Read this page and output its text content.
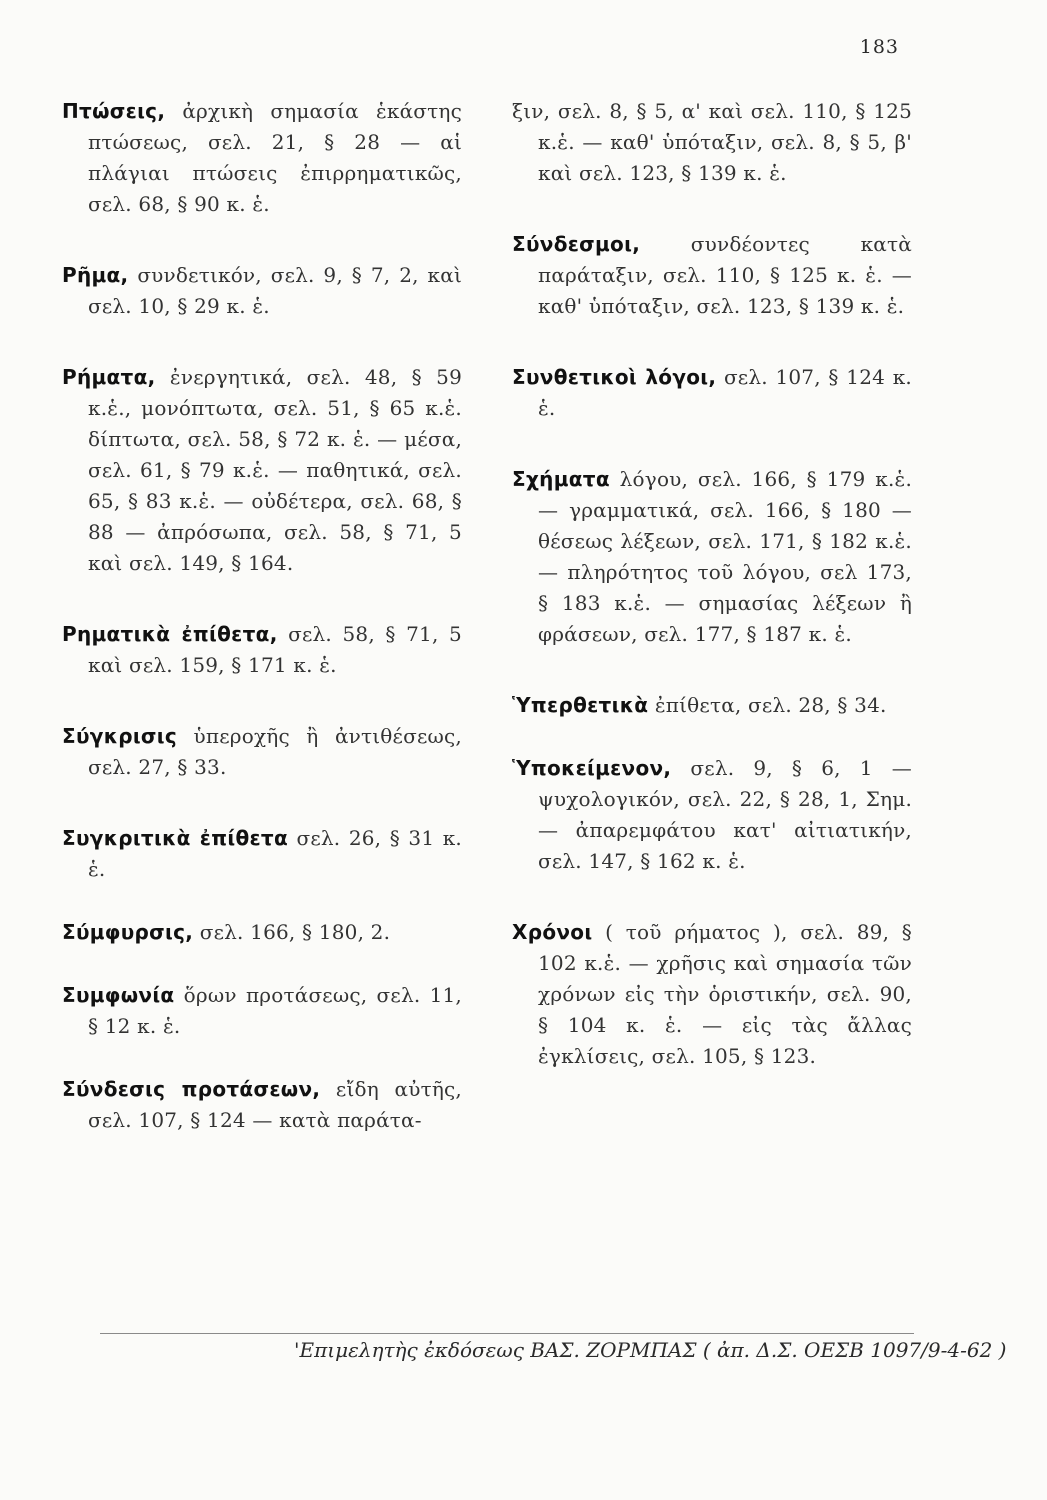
183

Πτώσεις, ἀρχικὴ σημασία ἑκάστης πτώσεως, σελ. 21, § 28 — αἱ πλάγιαι πτώσεις ἐπιρρηματικῶς, σελ. 68, § 90 κ. ἑ.

Ρῆμα, συνδετικόν, σελ. 9, § 7, 2, καὶ σελ. 10, § 29 κ. ἑ.

Ρήματα, ἐνεργητικά, σελ. 48, § 59 κ.ἑ., μονόπτωτα, σελ. 51, § 65 κ.ἑ. δίπτωτα, σελ. 58, § 72 κ. ἑ. — μέσα, σελ. 61, § 79 κ.ἑ. — παθητικά, σελ. 65, § 83 κ.ἑ. — οὐδέτερα, σελ. 68, § 88 — ἀπρόσωπα, σελ. 58, § 71, 5 καὶ σελ. 149, § 164.

Ρηματικὰ ἐπίθετα, σελ. 58, § 71, 5 καὶ σελ. 159, § 171 κ. ἑ.

Σύγκρισις ὑπεροχῆς ἢ ἀντιθέσεως, σελ. 27, § 33.

Συγκριτικὰ ἐπίθετα σελ. 26, § 31 κ. ἑ.

Σύμφυρσις, σελ. 166, § 180, 2.

Συμφωνία ὅρων προτάσεως, σελ. 11, § 12 κ. ἑ.

Σύνδεσις προτάσεων, εἴδη αὐτῆς, σελ. 107, § 124 — κατὰ παράτα-

ξιν, σελ. 8, § 5, α' καὶ σελ. 110, § 125 κ.ἑ. — καθ' ὑπόταξιν, σελ. 8, § 5, β' καὶ σελ. 123, § 139 κ. ἑ.

Σύνδεσμοι, συνδέοντες κατὰ παράταξιν, σελ. 110, § 125 κ. ἑ. — καθ' ὑπόταξιν, σελ. 123, § 139 κ. ἑ.

Συνθετικοὶ λόγοι, σελ. 107, § 124 κ. ἑ.

Σχήματα λόγου, σελ. 166, § 179 κ.ἑ. — γραμματικά, σελ. 166, § 180 — θέσεως λέξεων, σελ. 171, § 182 κ.ἑ. — πληρότητος τοῦ λόγου, σελ 173, § 183 κ.ἑ. — σημασίας λέξεων ἢ φράσεων, σελ. 177, § 187 κ. ἑ.

Ὑπερθετικὰ ἐπίθετα, σελ. 28, § 34.

Ὑποκείμενον, σελ. 9, § 6, 1 — ψυχολογικόν, σελ. 22, § 28, 1, Σημ. — ἀπαρεμφάτου κατ' αἰτιατικήν, σελ. 147, § 162 κ. ἑ.

Χρόνοι ( τοῦ ρήματος ), σελ. 89, § 102 κ.ἑ. — χρῆσις καὶ σημασία τῶν χρόνων εἰς τὴν ὁριστικήν, σελ. 90, § 104 κ. ἑ. — εἰς τὰς ἄλλας ἐγκλίσεις, σελ. 105, § 123.

'Επιμελητὴς ἐκδόσεως ΒΑΣ. ΖΟΡΜΠΑΣ ( ἀπ. Δ.Σ. ΟΕΣΒ 1097/9-4-62 )
